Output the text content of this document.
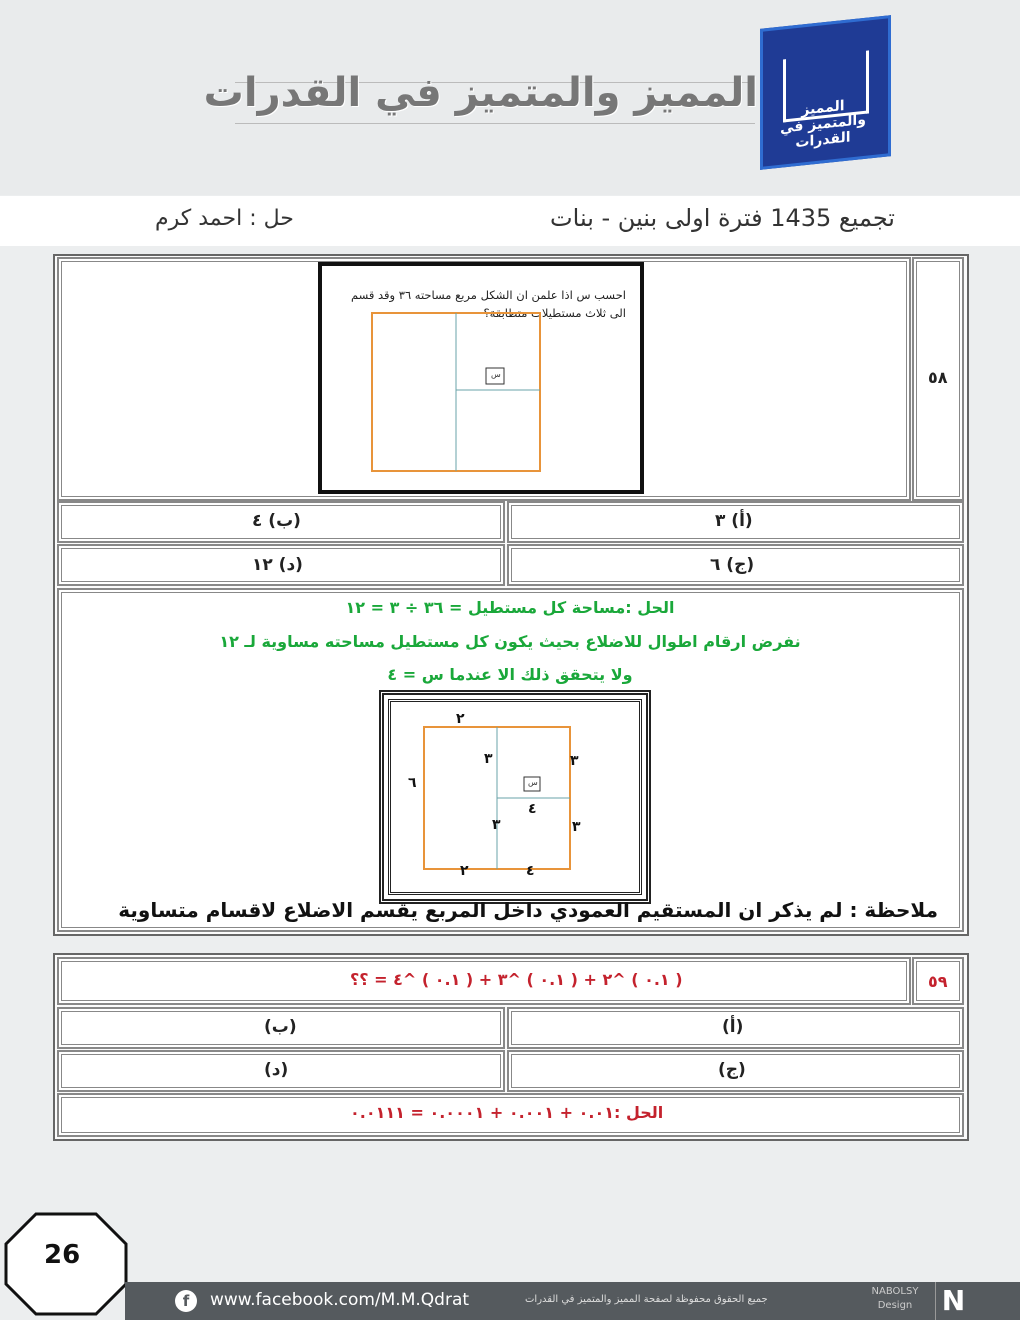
المميز والمتميز في القدرات	المميز والمتميز في القدرات
تجميع 1435 فترة اولى بنين - بنات
حل : احمد كرم
٥٨
احسب س اذا علمن ان الشكل مربع مساحته ٣٦ وقد قسم الى ثلاث مستطيلات متطابقة؟
س
(ب) ٤	(أ) ٣
(د) ١٢	(ج) ٦
الحل :مساحة كل مستطيل = ٣٦ ÷ ٣ = ١٢
نفرض ارقام اطوال للاضلاع بحيث يكون كل مستطيل مساحته مساوية لـ ١٢
ولا يتحقق ذلك الا عندما س = ٤
٢
٦
٣	٣
٤
٣	٣
٢	٤
س
ملاحظة : لم يذكر ان المستقيم العمودي داخل المربع يقسم الاضلاع لاقسام متساوية
٥٩
( ٠.١ ) ^٢ + ( ٠.١ ) ^٣ + ( ٠.١ ) ^٤ = ؟؟
(ب)	(أ)
(د)	(ج)
الحل :٠.٠١ + ٠.٠٠١ + ٠.٠٠٠١ = ٠.٠١١١
26
f	www.facebook.com/M.M.Qdrat	جميع الحقوق محفوظة لصفحة المميز والمتميز في القدرات
NABOLSY Design	N
